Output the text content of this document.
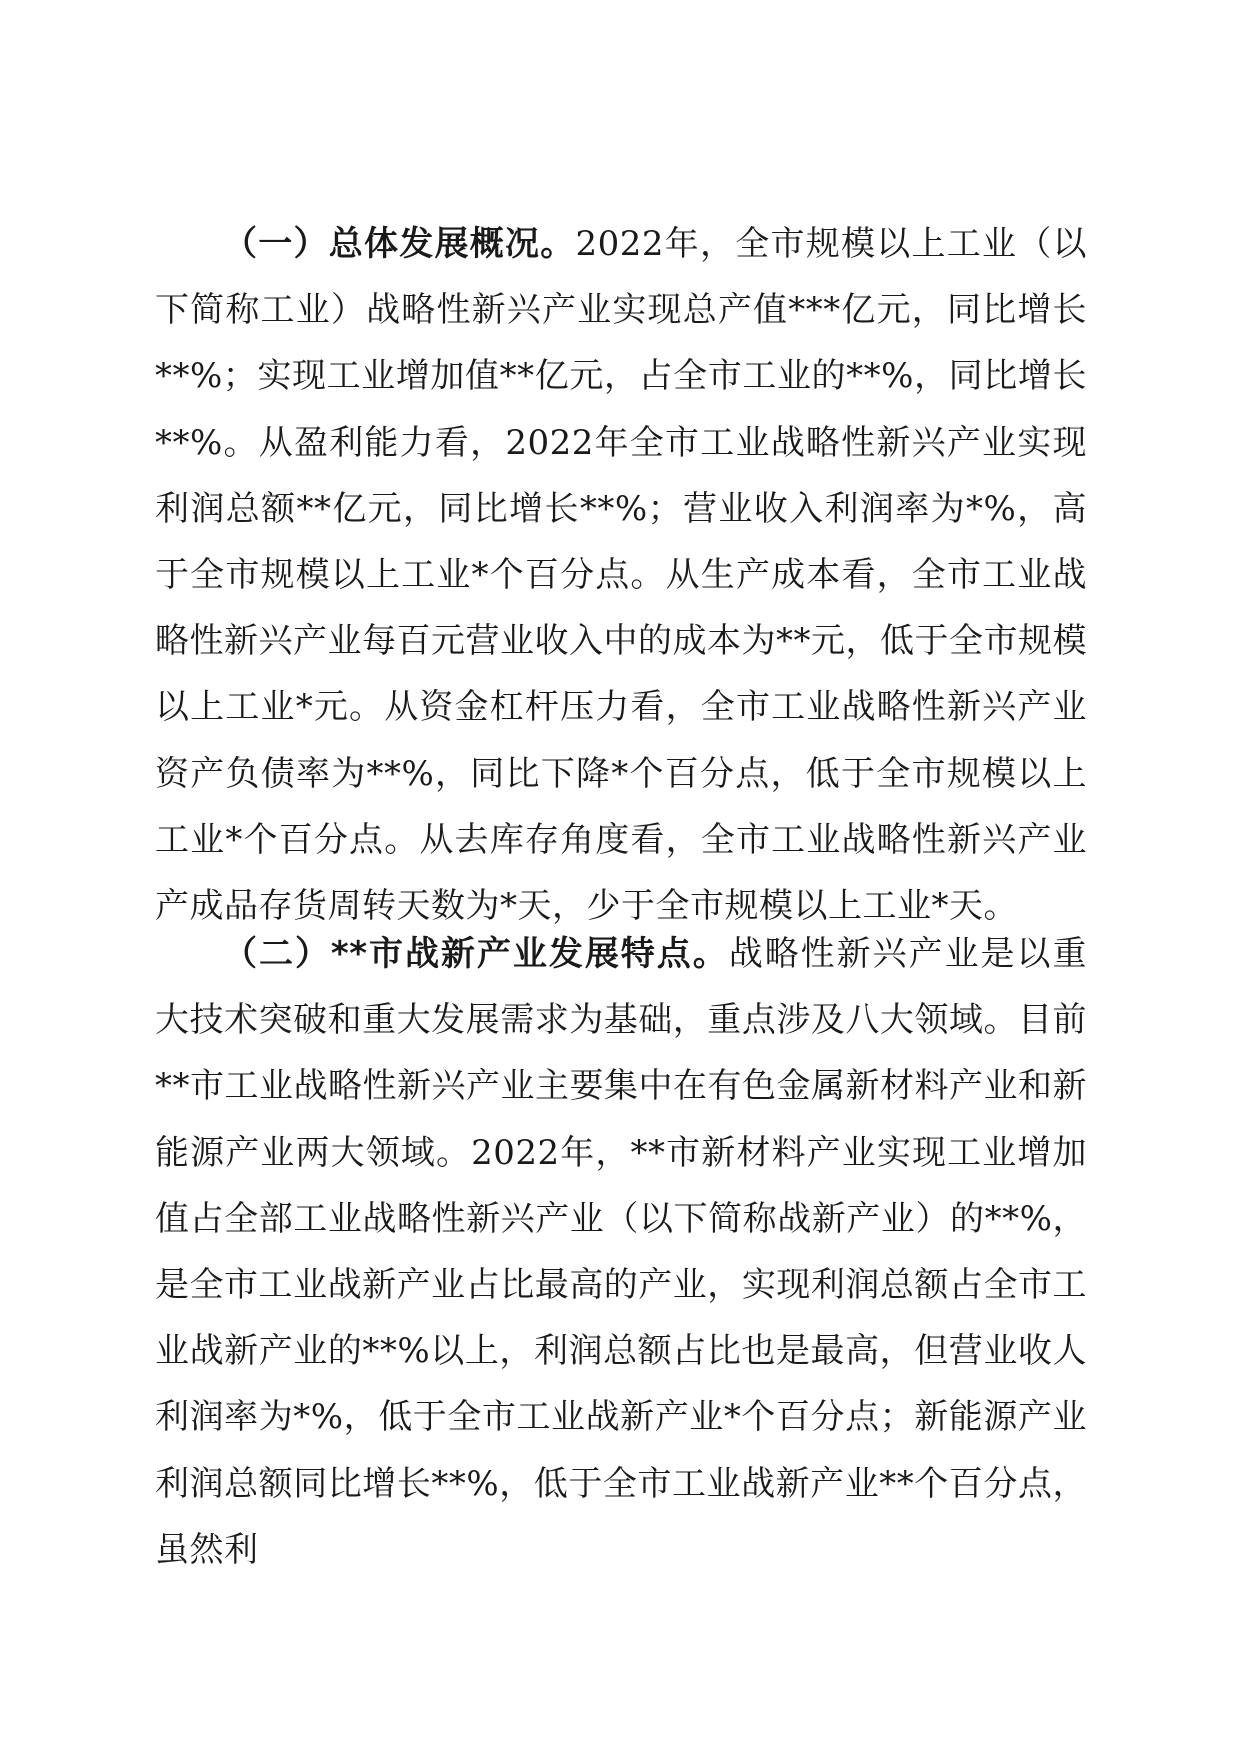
（一）总体发展概况。2022年，全市规模以上工业（以下简称工业）战略性新兴产业实现总产值***亿元，同比增长**%；实现工业增加值**亿元，占全市工业的**%，同比增长**%。从盈利能力看，2022年全市工业战略性新兴产业实现利润总额**亿元，同比增长**%；营业收入利润率为*%，高于全市规模以上工业*个百分点。从生产成本看，全市工业战略性新兴产业每百元营业收入中的成本为**元，低于全市规模以上工业*元。从资金杠杆压力看，全市工业战略性新兴产业资产负债率为**%，同比下降*个百分点，低于全市规模以上工业*个百分点。从去库存角度看，全市工业战略性新兴产业产成品存货周转天数为*天，少于全市规模以上工业*天。

（二）**市战新产业发展特点。战略性新兴产业是以重大技术突破和重大发展需求为基础，重点涉及八大领域。目前**市工业战略性新兴产业主要集中在有色金属新材料产业和新能源产业两大领域。2022年，**市新材料产业实现工业增加值占全部工业战略性新兴产业（以下简称战新产业）的**%，是全市工业战新产业占比最高的产业，实现利润总额占全市工业战新产业的**%以上，利润总额占比也是最高，但营业收人利润率为*%，低于全市工业战新产业*个百分点；新能源产业利润总额同比增长**%，低于全市工业战新产业**个百分点，虽然利
